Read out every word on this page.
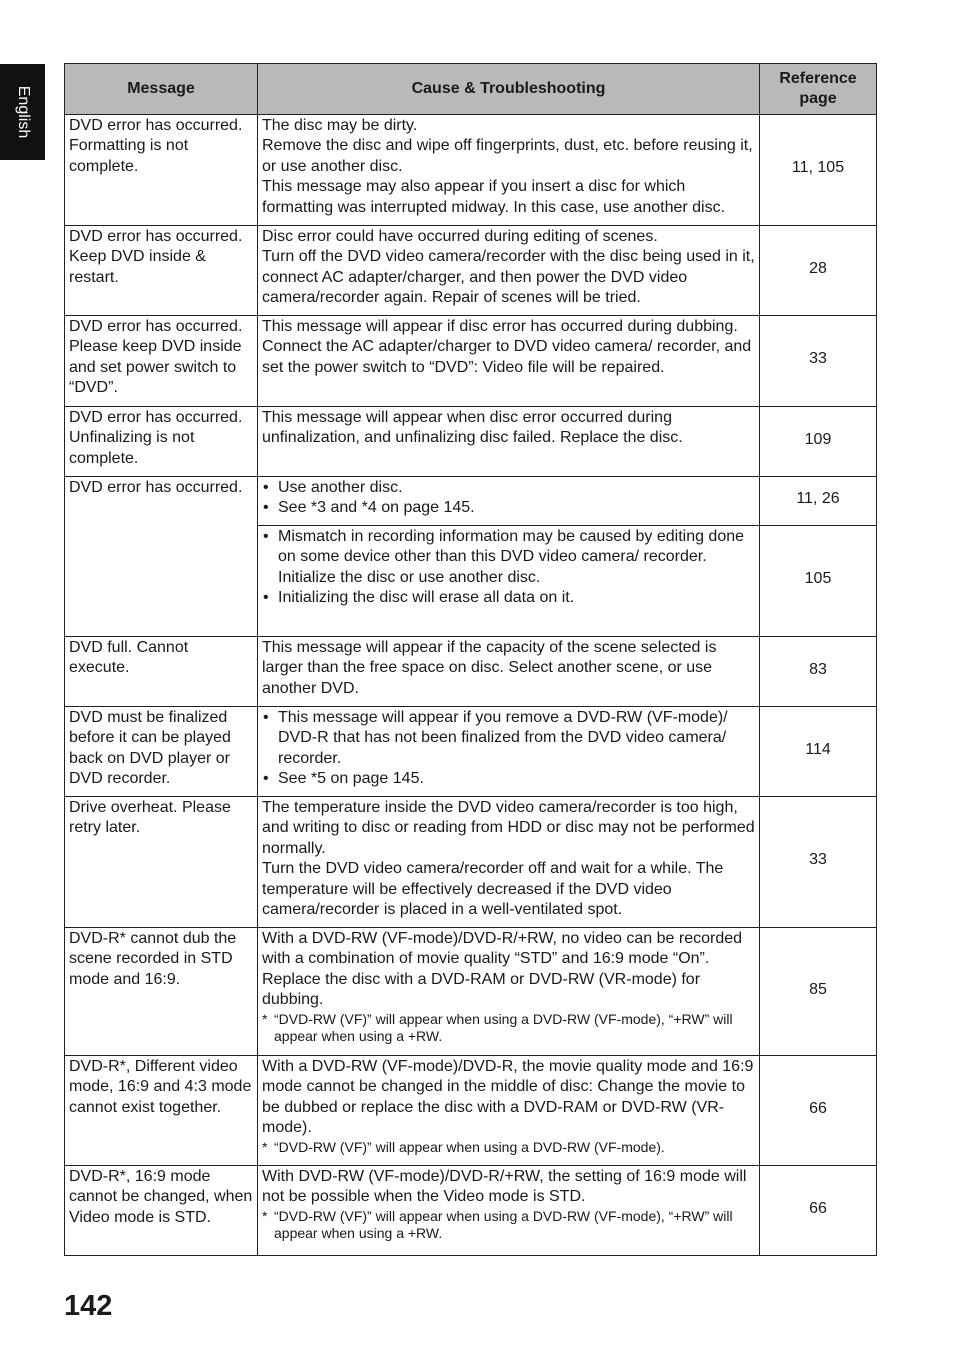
English	Message	Cause & Troubleshooting	Reference page
DVD error has occurred. Formatting is not complete.	The disc may be dirty.
Remove the disc and wipe off fingerprints, dust, etc. before reusing it, or use another disc.
This message may also appear if you insert a disc for which formatting was interrupted midway. In this case, use another disc.	11, 105
DVD error has occurred. Keep DVD inside & restart.	Disc error could have occurred during editing of scenes.
Turn off the DVD video camera/recorder with the disc being used in it, connect AC adapter/charger, and then power the DVD video camera/recorder again. Repair of scenes will be tried.	28
DVD error has occurred. Please keep DVD inside and set power switch to “DVD”.	This message will appear if disc error has occurred during dubbing. Connect the AC adapter/charger to DVD video camera/ recorder, and set the power switch to “DVD”: Video file will be repaired.	33
DVD error has occurred. Unfinalizing is not complete.	This message will appear when disc error occurred during unfinalization, and unfinalizing disc failed. Replace the disc.	109
DVD error has occurred.	• Use another disc.
• See *3 and *4 on page 145.	11, 26

	• Mismatch in recording information may be caused by editing done on some device other than this DVD video camera/ recorder.
Initialize the disc or use another disc.
• Initializing the disc will erase all data on it.	105
DVD full. Cannot execute.	This message will appear if the capacity of the scene selected is larger than the free space on disc. Select another scene, or use another DVD.	83
DVD must be finalized before it can be played back on DVD player or DVD recorder.	• This message will appear if you remove a DVD-RW (VF-mode)/ DVD-R that has not been finalized from the DVD video camera/ recorder.
• See *5 on page 145.	114
Drive overheat. Please retry later.	The temperature inside the DVD video camera/recorder is too high, and writing to disc or reading from HDD or disc may not be performed normally.
Turn the DVD video camera/recorder off and wait for a while. The temperature will be effectively decreased if the DVD video camera/recorder is placed in a well-ventilated spot.	33
DVD-R* cannot dub the scene recorded in STD mode and 16:9.	With a DVD-RW (VF-mode)/DVD-R/+RW, no video can be recorded with a combination of movie quality “STD” and 16:9 mode “On”. Replace the disc with a DVD-RAM or DVD-RW (VR-mode) for dubbing.
* “DVD-RW (VF)” will appear when using a DVD-RW (VF-mode), “+RW” will appear when using a +RW.	85
DVD-R*, Different video mode, 16:9 and 4:3 mode cannot exist together.	With a DVD-RW (VF-mode)/DVD-R, the movie quality mode and 16:9 mode cannot be changed in the middle of disc: Change the movie to be dubbed or replace the disc with a DVD-RAM or DVD-RW (VR-mode).
* “DVD-RW (VF)” will appear when using a DVD-RW (VF-mode).	66
DVD-R*, 16:9 mode cannot be changed, when Video mode is STD.	With DVD-RW (VF-mode)/DVD-R/+RW, the setting of 16:9 mode will not be possible when the Video mode is STD.
* “DVD-RW (VF)” will appear when using a DVD-RW (VF-mode), “+RW” will appear when using a +RW.	66
142
